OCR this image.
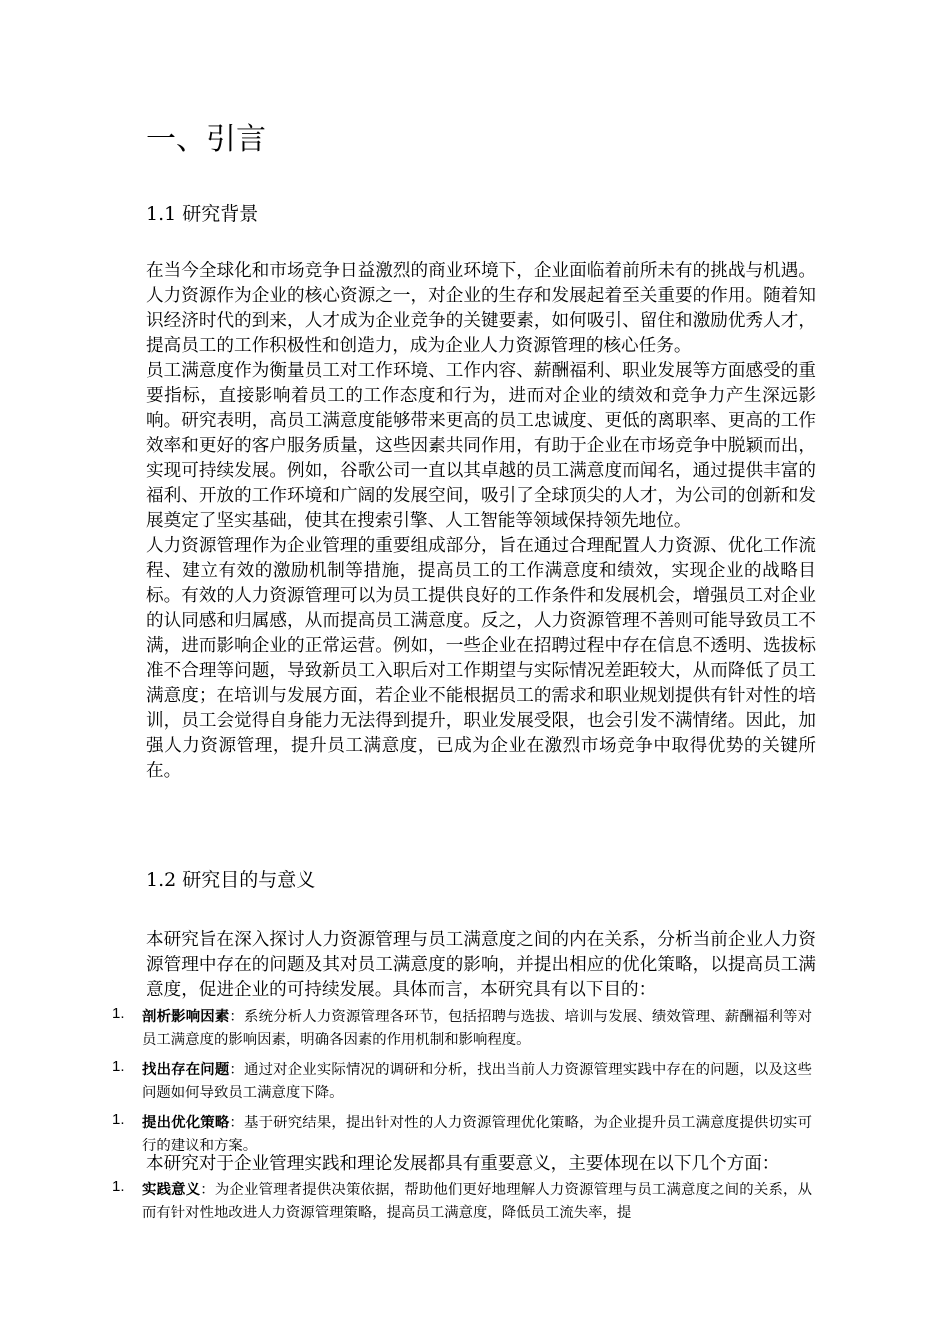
一、引言
1.1 研究背景

在当今全球化和市场竞争日益激烈的商业环境下，企业面临着前所未有的挑战与机遇。人力资源作为企业的核心资源之一，对企业的生存和发展起着至关重要的作用。随着知识经济时代的到来，人才成为企业竞争的关键要素，如何吸引、留住和激励优秀人才，提高员工的工作积极性和创造力，成为企业人力资源管理的核心任务。

员工满意度作为衡量员工对工作环境、工作内容、薪酬福利、职业发展等方面感受的重要指标，直接影响着员工的工作态度和行为，进而对企业的绩效和竞争力产生深远影响。研究表明，高员工满意度能够带来更高的员工忠诚度、更低的离职率、更高的工作效率和更好的客户服务质量，这些因素共同作用，有助于企业在市场竞争中脱颖而出，实现可持续发展。例如，谷歌公司一直以其卓越的员工满意度而闻名，通过提供丰富的福利、开放的工作环境和广阔的发展空间，吸引了全球顶尖的人才，为公司的创新和发展奠定了坚实基础，使其在搜索引擎、人工智能等领域保持领先地位。

人力资源管理作为企业管理的重要组成部分，旨在通过合理配置人力资源、优化工作流程、建立有效的激励机制等措施，提高员工的工作满意度和绩效，实现企业的战略目标。有效的人力资源管理可以为员工提供良好的工作条件和发展机会，增强员工对企业的认同感和归属感，从而提高员工满意度。反之，人力资源管理不善则可能导致员工不满，进而影响企业的正常运营。例如，一些企业在招聘过程中存在信息不透明、选拔标准不合理等问题，导致新员工入职后对工作期望与实际情况差距较大，从而降低了员工满意度；在培训与发展方面，若企业不能根据员工的需求和职业规划提供有针对性的培训，员工会觉得自身能力无法得到提升，职业发展受限，也会引发不满情绪。因此，加强人力资源管理，提升员工满意度，已成为企业在激烈市场竞争中取得优势的关键所在。

1.2 研究目的与意义

本研究旨在深入探讨人力资源管理与员工满意度之间的内在关系，分析当前企业人力资源管理中存在的问题及其对员工满意度的影响，并提出相应的优化策略，以提高员工满意度，促进企业的可持续发展。具体而言，本研究具有以下目的：

1. 剖析影响因素：系统分析人力资源管理各环节，包括招聘与选拔、培训与发展、绩效管理、薪酬福利等对员工满意度的影响因素，明确各因素的作用机制和影响程度。
1. 找出存在问题：通过对企业实际情况的调研和分析，找出当前人力资源管理实践中存在的问题，以及这些问题如何导致员工满意度下降。
1. 提出优化策略：基于研究结果，提出针对性的人力资源管理优化策略，为企业提升员工满意度提供切实可行的建议和方案。

本研究对于企业管理实践和理论发展都具有重要意义，主要体现在以下几个方面：

1. 实践意义：为企业管理者提供决策依据，帮助他们更好地理解人力资源管理与员工满意度之间的关系，从而有针对性地改进人力资源管理策略，提高员工满意度，降低员工流失率，提
